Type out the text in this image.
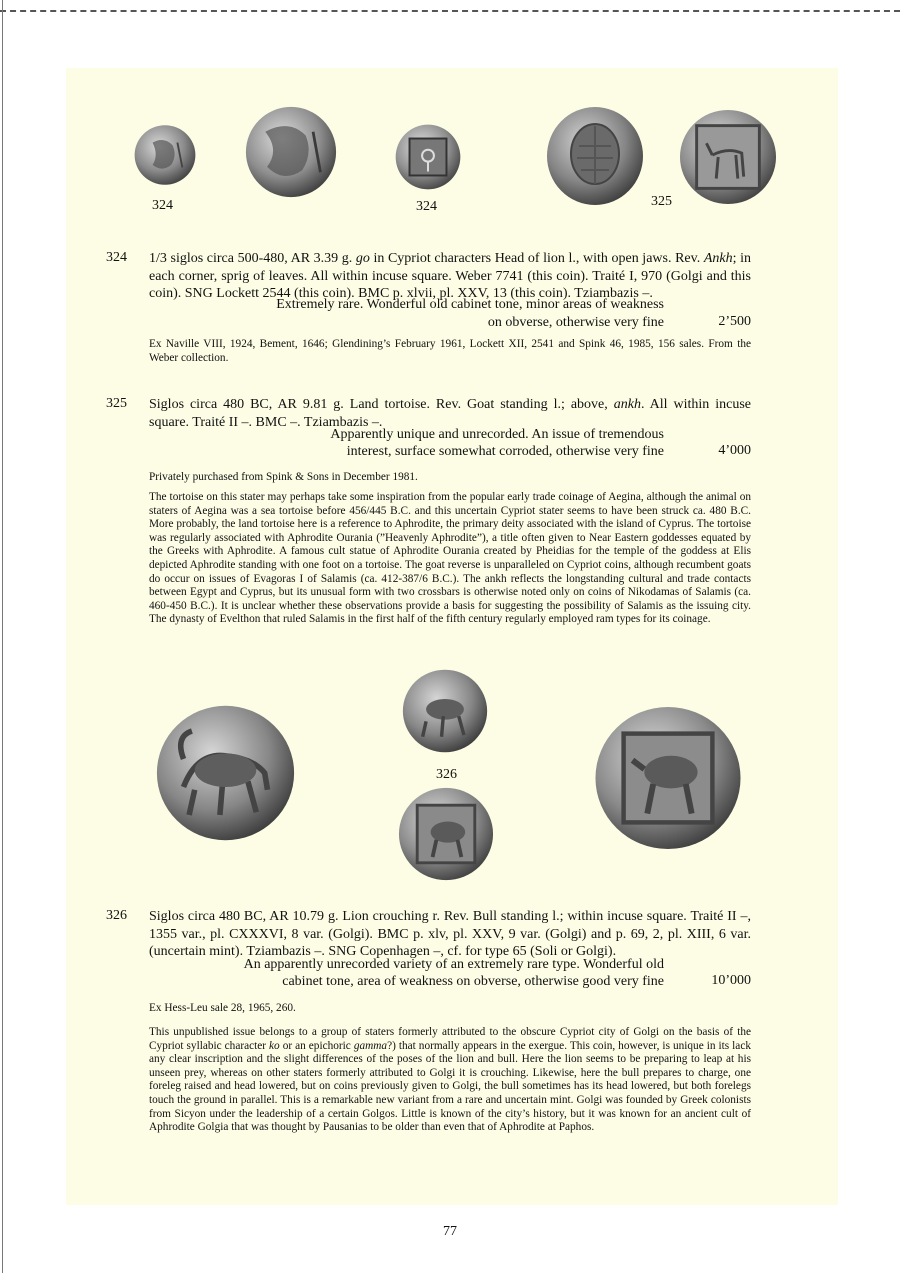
324	324	325
324 1/3 siglos circa 500-480, AR 3.39 g. go in Cypriot characters Head of lion l., with open jaws. Rev. Ankh; in each corner, sprig of leaves. All within incuse square. Weber 7741 (this coin). Traité I, 970 (Golgi and this coin). SNG Lockett 2544 (this coin). BMC p. xlvii, pl. XXV, 13 (this coin). Tziambazis –.
Extremely rare. Wonderful old cabinet tone, minor areas of weakness
on obverse, otherwise very fine	2’500
Ex Naville VIII, 1924, Bement, 1646; Glendining’s February 1961, Lockett XII, 2541 and Spink 46, 1985, 156 sales. From the Weber collection.
325 Siglos circa 480 BC, AR 9.81 g. Land tortoise. Rev. Goat standing l.; above, ankh. All within incuse square. Traité II –. BMC –. Tziambazis –.
Apparently unique and unrecorded. An issue of tremendous
interest, surface somewhat corroded, otherwise very fine	4’000
Privately purchased from Spink & Sons in December 1981.
The tortoise on this stater may perhaps take some inspiration from the popular early trade coinage of Aegina, although the animal on staters of Aegina was a sea tortoise before 456/445 B.C. and this uncertain Cypriot stater seems to have been struck ca. 480 B.C. More probably, the land tortoise here is a reference to Aphrodite, the primary deity associated with the island of Cyprus. The tortoise was regularly associated with Aphrodite Ourania (”Heavenly Aphrodite”), a title often given to Near Eastern goddesses equated by the Greeks with Aphrodite. A famous cult statue of Aphrodite Ourania created by Pheidias for the temple of the goddess at Elis depicted Aphrodite standing with one foot on a tortoise. The goat reverse is unparalleled on Cypriot coins, although recumbent goats do occur on issues of Evagoras I of Salamis (ca. 412-387/6 B.C.). The ankh reflects the longstanding cultural and trade contacts between Egypt and Cyprus, but its unusual form with two crossbars is otherwise noted only on coins of Nikodamas of Salamis (ca. 460-450 B.C.). It is unclear whether these observations provide a basis for suggesting the possibility of Salamis as the issuing city. The dynasty of Evelthon that ruled Salamis in the first half of the fifth century regularly employed ram types for its coinage.
326
326 Siglos circa 480 BC, AR 10.79 g. Lion crouching r. Rev. Bull standing l.; within incuse square. Traité II –, 1355 var., pl. CXXXVI, 8 var. (Golgi). BMC p. xlv, pl. XXV, 9 var. (Golgi) and p. 69, 2, pl. XIII, 6 var. (uncertain mint). Tziambazis –. SNG Copenhagen –, cf. for type 65 (Soli or Golgi).
An apparently unrecorded variety of an extremely rare type. Wonderful old
cabinet tone, area of weakness on obverse, otherwise good very fine	10’000
Ex Hess-Leu sale 28, 1965, 260.
This unpublished issue belongs to a group of staters formerly attributed to the obscure Cypriot city of Golgi on the basis of the Cypriot syllabic character ko or an epichoric gamma?) that normally appears in the exergue. This coin, however, is unique in its lack any clear inscription and the slight differences of the poses of the lion and bull. Here the lion seems to be preparing to leap at his unseen prey, whereas on other staters formerly attributed to Golgi it is crouching. Likewise, here the bull prepares to charge, one foreleg raised and head lowered, but on coins previously given to Golgi, the bull sometimes has its head lowered, but both forelegs touch the ground in parallel. This is a remarkable new variant from a rare and uncertain mint. Golgi was founded by Greek colonists from Sicyon under the leadership of a certain Golgos. Little is known of the city’s history, but it was known for an ancient cult of Aphrodite Golgia that was thought by Pausanias to be older than even that of Aphrodite at Paphos.
77
